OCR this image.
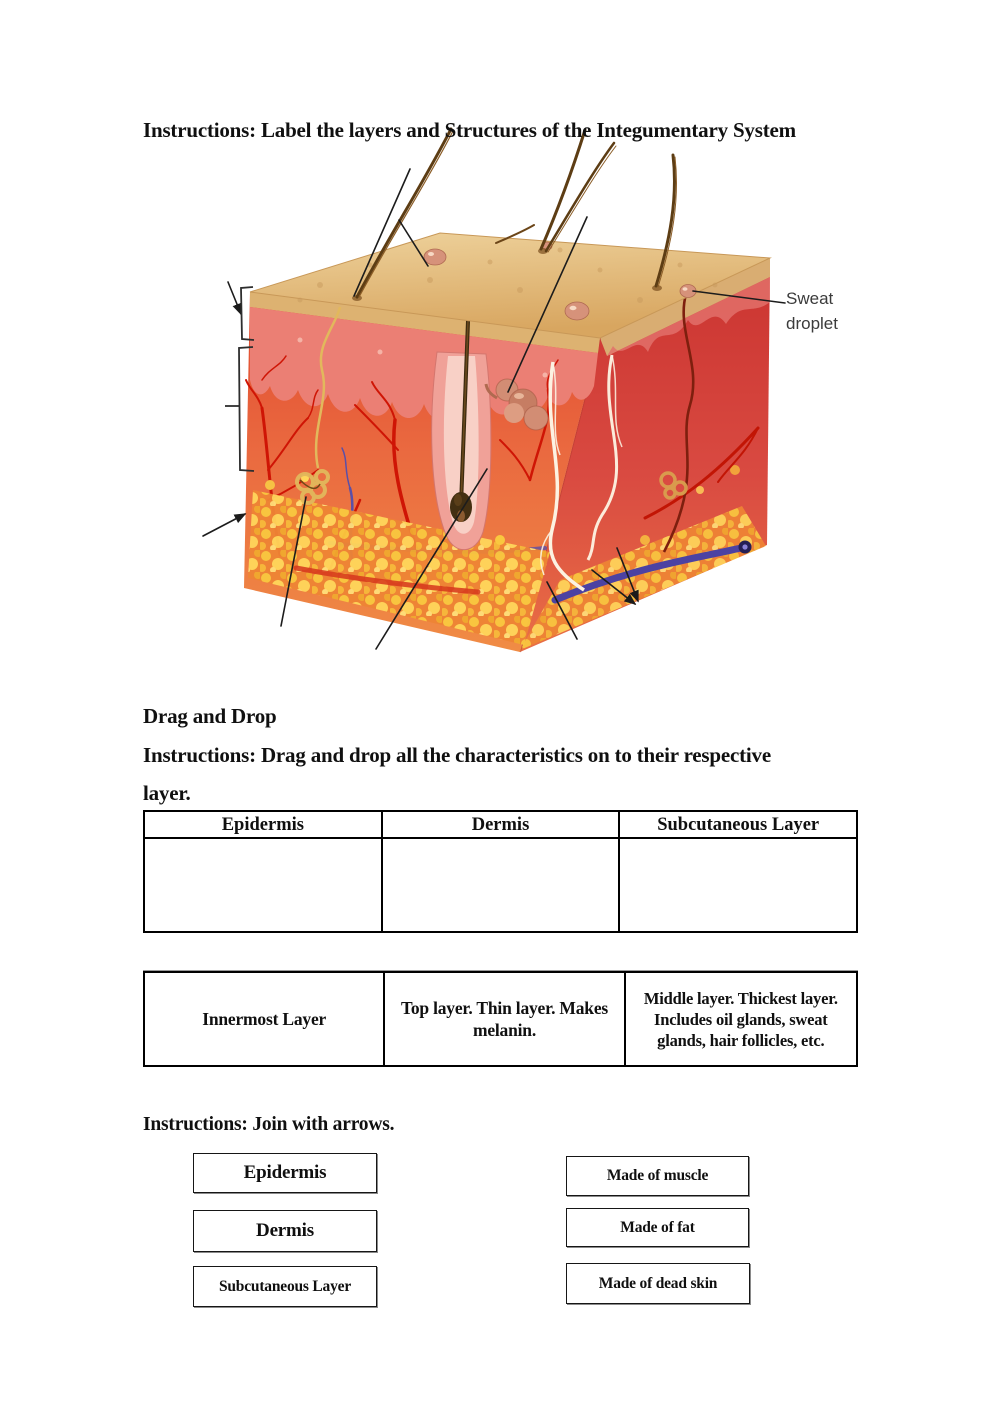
Instructions: Label the layers and Structures of the Integumentary System
Sweat droplet
Drag and Drop
Instructions: Drag and drop all the characteristics on to their respective layer.
Epidermis	Dermis	Subcutaneous Layer
Innermost Layer
Top layer. Thin layer. Makes melanin.
Middle layer. Thickest layer. Includes oil glands, sweat glands, hair follicles, etc.
Instructions: Join with arrows.
Epidermis
Dermis
Subcutaneous Layer
Made of muscle
Made of fat
Made of dead skin
